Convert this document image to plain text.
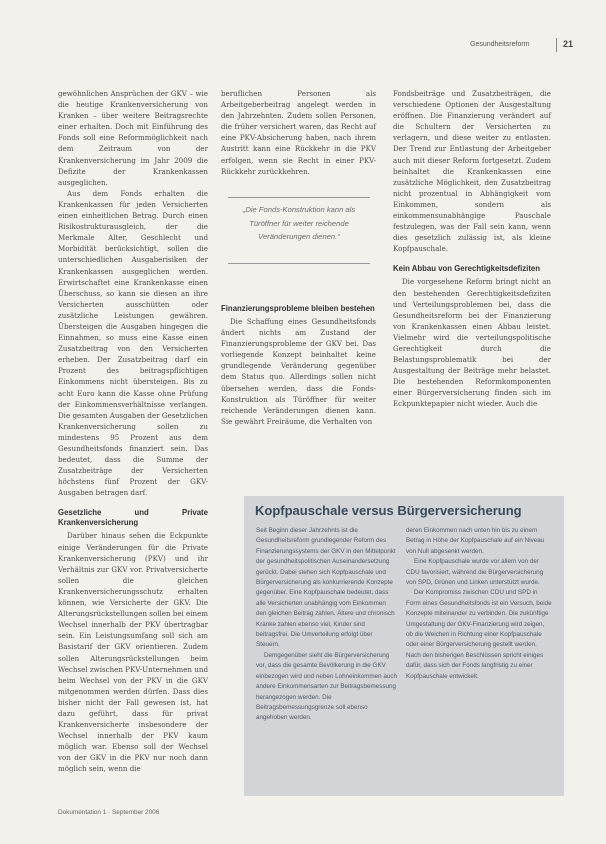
Gesundheitsreform	21

gewöhnlichen Ansprüchen der GKV – wie die heutige Krankenversicherung von Kranken – über weitere Beitragsrechte einer erhalten. Doch mit Einführung des Fonds soll eine Reformmöglichkeit nach dem Zeitraum von der Krankenversicherung im Jahr 2009 die Defizite der Krankenkassen ausgeglichen.

Aus dem Fonds erhalten die Krankenkassen für jeden Versicherten einen einheitlichen Betrag. Durch einen Risikostrukturausgleich, der die Merkmale Alter, Geschlecht und Morbidität berücksichtigt, sollen die unterschiedlichen Ausgaberisiken der Krankenkassen ausgeglichen werden. Erwirtschaftet eine Krankenkasse einen Überschuss, so kann sie diesen an ihre Versicherten ausschütten oder zusätzliche Leistungen gewähren. Übersteigen die Ausgaben hingegen die Einnahmen, so muss eine Kasse einen Zusatzbeitrag von den Versicherten erheben. Der Zusatzbeitrag darf ein Prozent des beitragspflichtigen Einkommens nicht übersteigen. Bis zu acht Euro kann die Kasse ohne Prüfung der Einkommensverhältnisse verlangen. Die gesamten Ausgaben der Gesetzlichen Krankenversicherung sollen zu mindestens 95 Prozent aus dem Gesundheitsfonds finanziert sein. Das bedeutet, dass die Summe der Zusatzbeiträge der Versicherten höchstens fünf Prozent der GKV-Ausgaben betragen darf.

Gesetzliche und Private Krankenversicherung

Darüber hinaus sehen die Eckpunkte einige Veränderungen für die Private Krankenversicherung (PKV) und ihr Verhältnis zur GKV vor. Privatversicherte sollen die gleichen Krankenversicherungsschutz erhalten können, wie Versicherte der GKV. Die Alterungsrückstellungen sollen bei einem Wechsel innerhalb der PKV übertragbar sein. Ein Leistungsumfang soll sich am Basistarif der GKV orientieren. Zudem sollen Alterungsrückstellungen beim Wechsel zwischen PKV-Unternehmen und beim Wechsel von der PKV in die GKV mitgenommen werden dürfen. Dass dies bisher nicht der Fall gewesen ist, hat dazu geführt, dass für privat Krankenversicherte insbesondere der Wechsel innerhalb der PKV kaum möglich war. Ebenso soll der Wechsel von der GKV in die PKV nur noch dann möglich sein, wenn die

beruflichen Personen als Arbeitgeberbeitrag angelegt werden in den Jahrzehnten. Zudem sollen Personen, die früher versichert waren, das Recht auf eine PKV-Absicherung haben, nach ihrem Austritt kann eine Rückkehr in die PKV erfolgen, wenn sie Recht in einer PKV-Rückkehr zurückkehren.

„Die Fonds-Konstruktion kann als Türöffner für weiter reichende Veränderungen dienen.“
Finanzierungsprobleme bleiben bestehen

Die Schaffung eines Gesundheitsfonds ändert nichts am Zustand der Finanzierungsprobleme der GKV bei. Das vorliegende Konzept beinhaltet keine grundlegende Veränderung gegenüber dem Status quo. Allerdings sollen nicht übersehen werden, dass die Fonds-Konstruktion als Türöffner für weiter reichende Veränderungen dienen kann. Sie gewährt Freiräume, die Verhalten von

Fondsbeiträge und Zusatzbeiträgen, die verschiedene Optionen der Ausgestaltung eröffnen. Die Finanzierung verändert auf die Schultern der Versicherten zu verlagern, und diese weiter zu entlasten. Der Trend zur Entlastung der Arbeitgeber auch mit dieser Reform fortgesetzt. Zudem beinhaltet die Krankenkassen eine zusätzliche Möglichkeit, den Zusatzbeitrag nicht prozentual in Abhängigkeit vom Einkommen, sondern als einkommensunabhängige Pauschale festzulegen, was der Fall sein kann, wenn dies gesetzlich zulässig ist, als kleine Kopfpauschale.

Kein Abbau von Gerechtigkeitsdefiziten

Die vorgesehene Reform bringt nicht an den bestehenden Gerechtigkeitsdefiziten und Verteilungsproblemen bei, dass die Gesundheitsreform bei der Finanzierung von Krankenkassen einen Abbau leistet. Vielmehr wird die verteilungspolitische Gerechtigkeit durch die Belastungsproblematik bei der Ausgestaltung der Beiträge mehr belastet. Die bestehenden Reformkomponenten einer Bürgerversicherung finden sich im Eckpunktepapier nicht wieder. Auch die

Kopfpauschale versus Bürgerversicherung

Seit Beginn dieser Jahrzehnts ist die Gesundheitsreform grundlegender Reform des Finanzierungssystems der GKV in den Mittelpunkt der gesundheitspolitischen Auseinandersetzung gerückt. Dabei stehen sich Kopfpauschale und Bürgerversicherung als konkurrierende Konzepte gegenüber. Eine Kopfpauschale bedeutet, dass alle Versicherten unabhängig vom Einkommen den gleichen Beitrag zahlen. Ältere und chronisch Kranke zahlen ebenso viel, Kinder sind beitragsfrei. Die Umverteilung erfolgt über Steuern.

Demgegenüber sieht die Bürgerversicherung vor, dass die gesamte Bevölkerung in die GKV einbezogen wird und neben Lohneinkommen auch andere Einkommensarten zur Beitragsbemessung herangezogen werden. Die Beitragsbemessungsgrenze soll ebenso angehoben werden.

deren Einkommen nach unten hin bis zu einem Betrag in Höhe der Kopfpauschale auf ein Niveau von Null abgesenkt werden.

Eine Kopfpauschale wurde vor allem von der CDU favorisiert, während die Bürgerversicherung von SPD, Grünen und Linken unterstützt wurde.

Der Kompromiss zwischen CDU und SPD in Form eines Gesundheitsfonds ist ein Versuch, beide Konzepte miteinander zu verbinden. Die zukünftige Umgestaltung der GKV-Finanzierung wird zeigen, ob die Weichen in Richtung einer Kopfpauschale oder einer Bürgerversicherung gestellt werden. Nach den bisherigen Beschlüssen spricht einiges dafür, dass sich der Fonds langfristig zu einer Kopfpauschale entwickelt.

Dokumentation 1 · September 2006
